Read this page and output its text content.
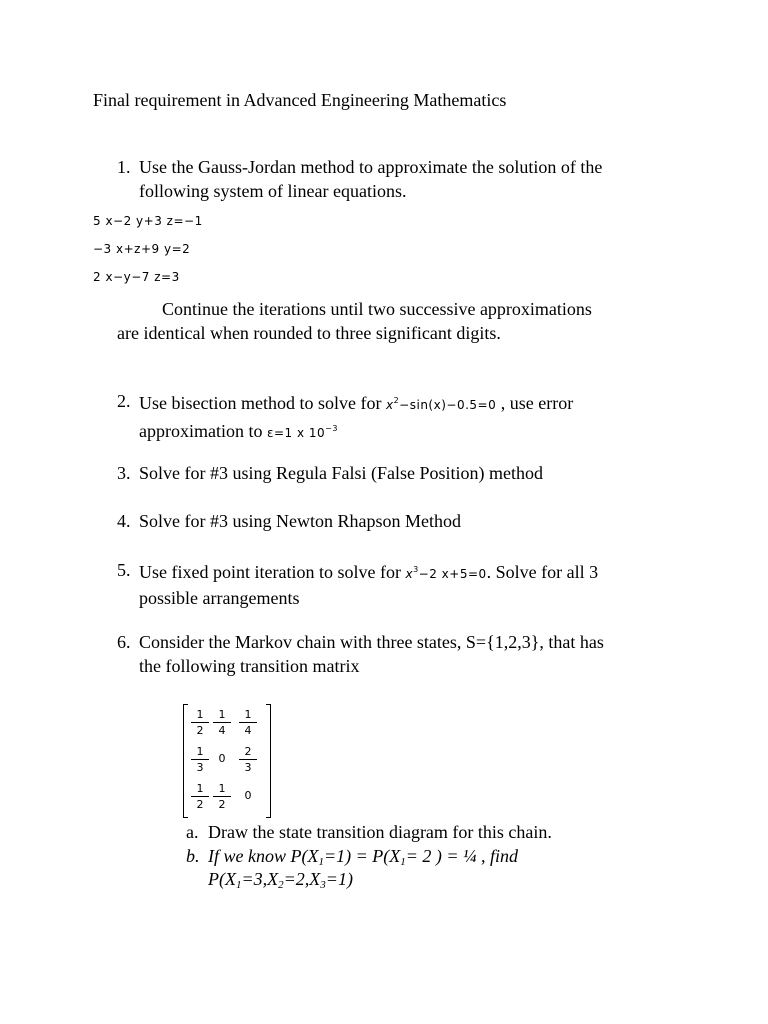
Final requirement in Advanced Engineering Mathematics
1. Use the Gauss-Jordan method to approximate the solution of the
following system of linear equations.
5 x−2 y+3 z=−1
−3 x+z+9 y=2
2 x−y−7 z=3
Continue the iterations until two successive approximations
are identical when rounded to three significant digits.
2. Use bisection method to solve for $x^2-\sin(x)-0.5=0$ , use error
approximation to ε=1 x $10^{-3}$
3. Solve for #3 using Regula Falsi (False Position) method
4. Solve for #3 using Newton Rhapson Method
5. Use fixed point iteration to solve for $x^3-2$ x+5=0. Solve for all 3
possible arrangements
6. Consider the Markov chain with three states, S={1,2,3}, that has
the following transition matrix
$\frac{1}{2} \frac{1}{4} \frac{1}{4}$
$\frac{1}{3} 0$	$\frac{2}{3}$
$\frac{1}{2} \frac{1}{2}$	0
a. Draw the state transition diagram for this chain.
b. If we know P(X1=1) = P(X1= 2 ) = ¼ , find
P(X1=3,X2=2,X3=1)
